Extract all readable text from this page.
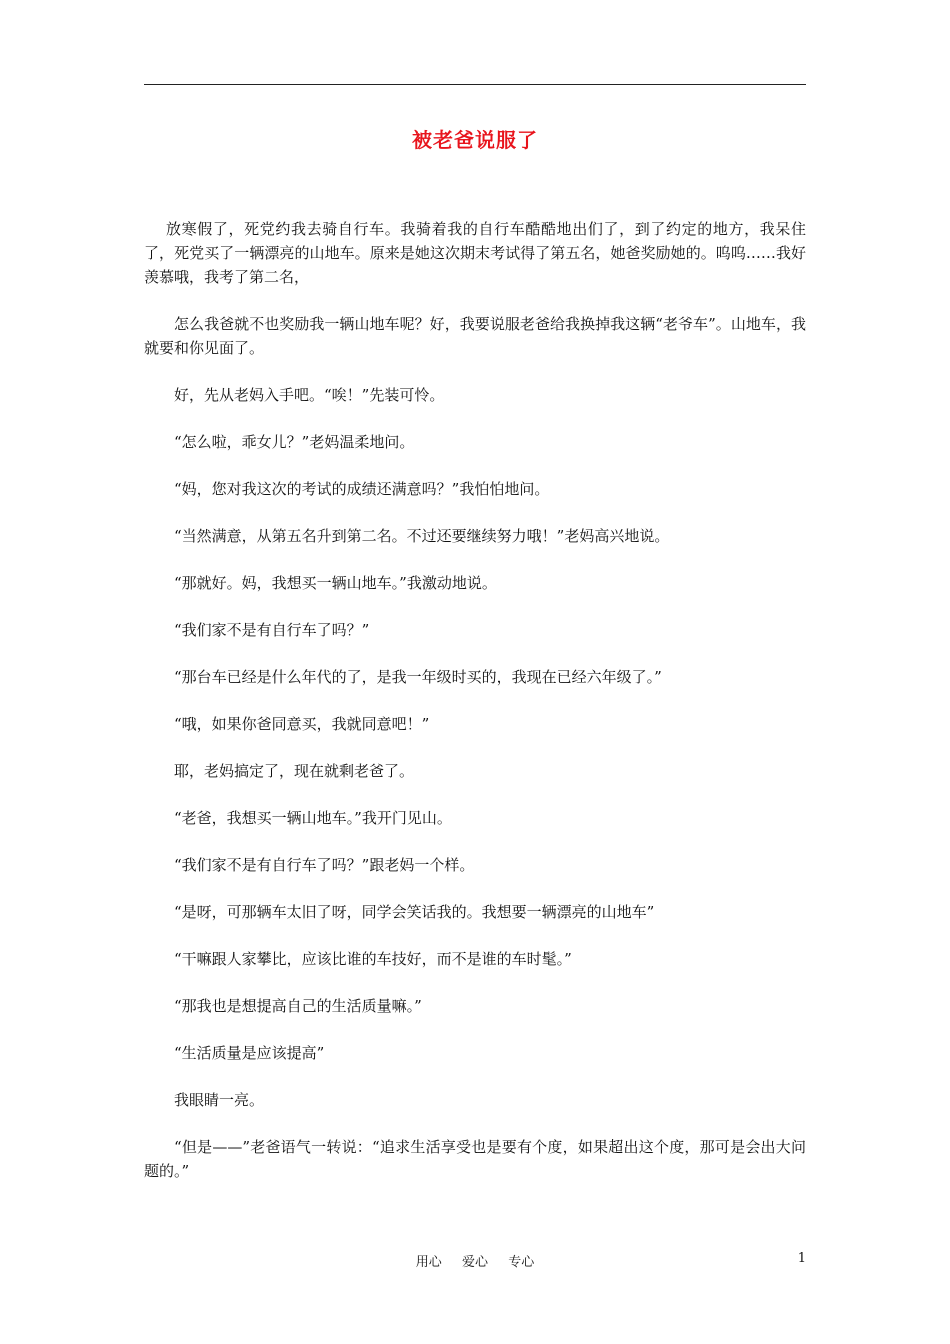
被老爸说服了

放寒假了，死党约我去骑自行车。我骑着我的自行车酷酷地出们了，到了约定的地方，我呆住了，死党买了一辆漂亮的山地车。原来是她这次期末考试得了第五名，她爸奖励她的。呜呜……我好羡慕哦，我考了第二名，

怎么我爸就不也奖励我一辆山地车呢？好，我要说服老爸给我换掉我这辆“老爷车”。山地车，我就要和你见面了。

好，先从老妈入手吧。“唉！”先装可怜。

“怎么啦，乖女儿？”老妈温柔地问。

“妈，您对我这次的考试的成绩还满意吗？”我怕怕地问。

“当然满意，从第五名升到第二名。不过还要继续努力哦！”老妈高兴地说。

“那就好。妈，我想买一辆山地车。”我激动地说。

“我们家不是有自行车了吗？”

“那台车已经是什么年代的了，是我一年级时买的，我现在已经六年级了。”

“哦，如果你爸同意买，我就同意吧！”

耶，老妈搞定了，现在就剩老爸了。

“老爸，我想买一辆山地车。”我开门见山。

“我们家不是有自行车了吗？”跟老妈一个样。

“是呀，可那辆车太旧了呀，同学会笑话我的。我想要一辆漂亮的山地车”

“干嘛跟人家攀比，应该比谁的车技好，而不是谁的车时髦。”

“那我也是想提高自己的生活质量嘛。”

“生活质量是应该提高”

我眼睛一亮。

“但是——”老爸语气一转说：“追求生活享受也是要有个度，如果超出这个度，那可是会出大问题的。”

用心  爱心  专心	1
